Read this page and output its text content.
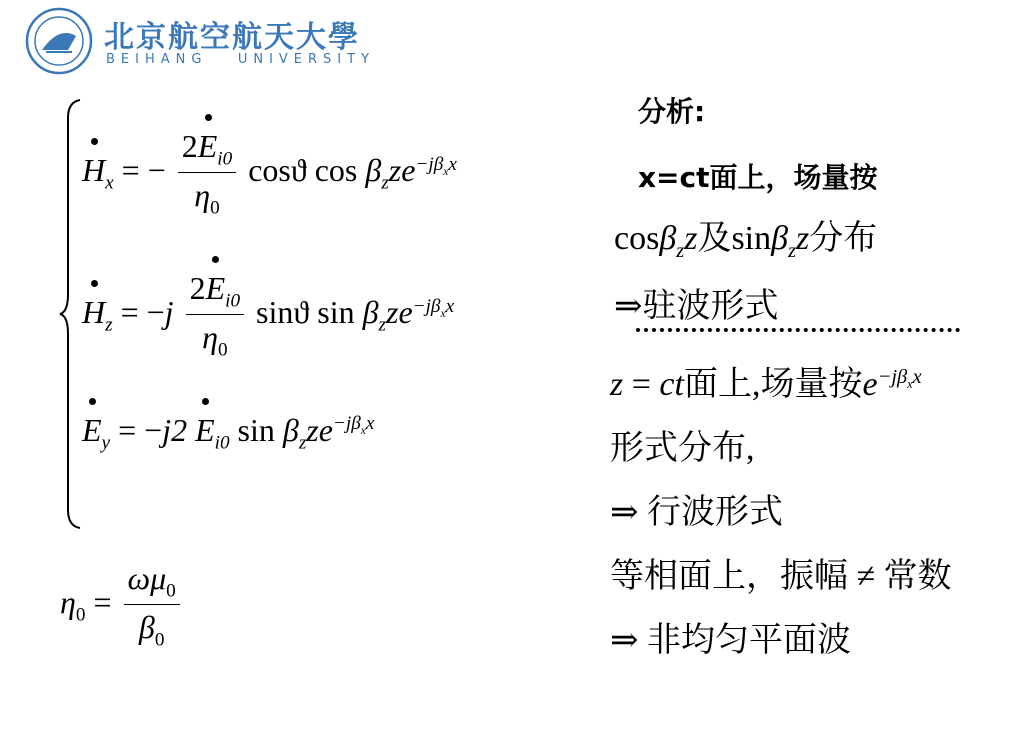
北京航空航天大學
BEIHANG   UNIVERSITY
$H_x$ = − $\frac{2E_{i0}}{\eta_0}$ cosϑ $\cos \beta_zze^{-j\beta_xx}$
$H_z = -j \frac{2E_{i0}}{\eta_0}$ sinϑ $\sin \beta_zze^{-j\beta_xx}$
$E_y = -j2$ $E_{i0}$ $\sin \beta_zze^{-j\beta_xx}$
$\eta_0 = \frac{\omega\mu_0}{\beta_0}$
分析:
x=ct面上，场量按
cosβ$_z$z及sinβ$_z$z分布
⇒驻波形式
z = ct面上,场量按$e^{-j\beta_xx}$
形式分布,
⇒ 行波形式
等相面上，振幅 ≠ 常数
⇒ 非均匀平面波
